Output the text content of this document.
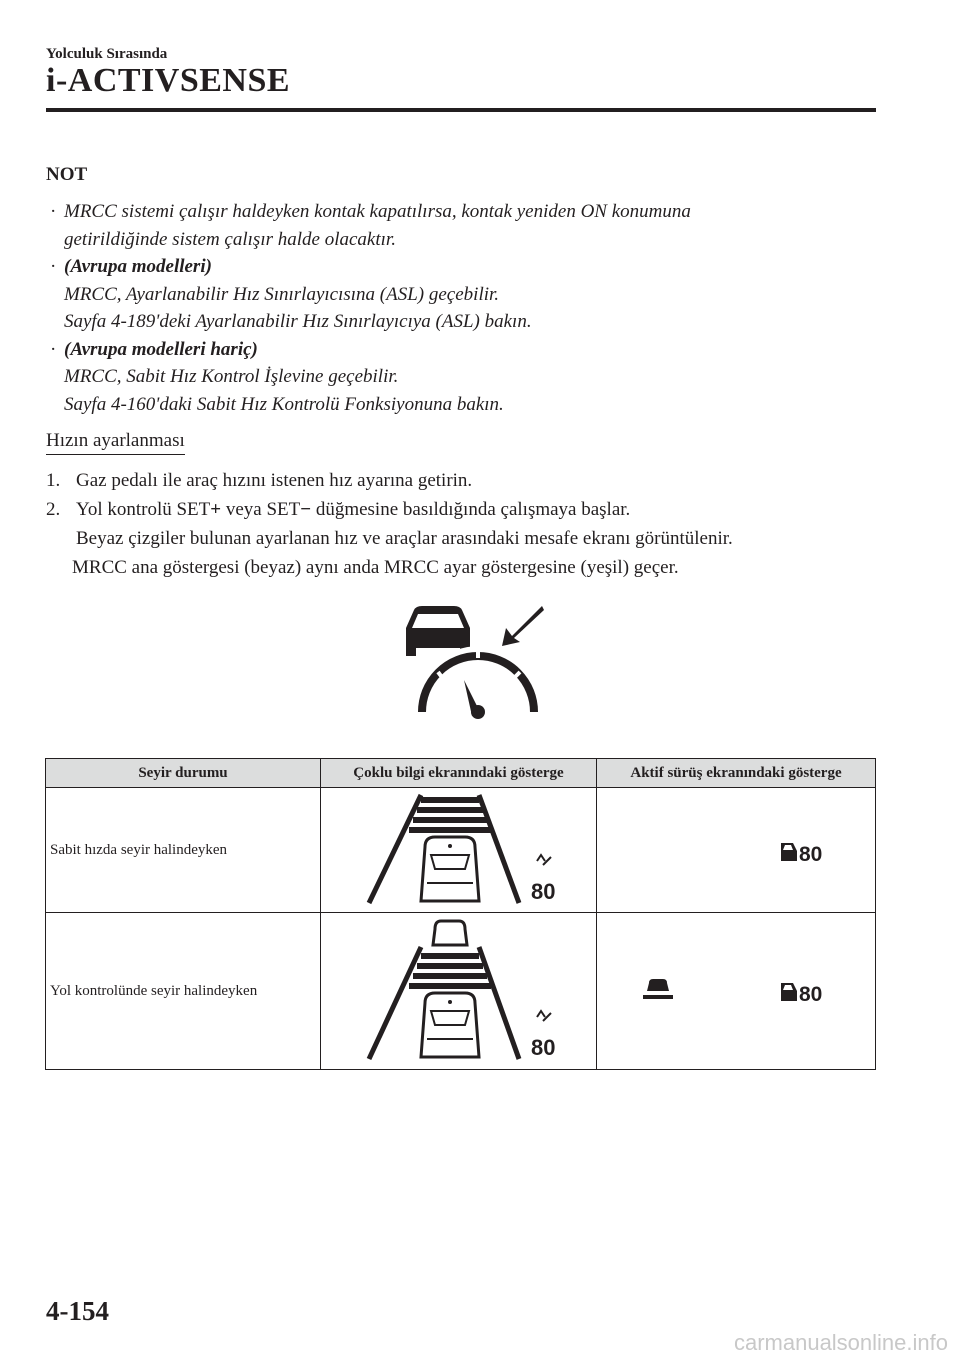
Yolculuk Sırasında
i-ACTIVSENSE
NOT
· MRCC sistemi çalışır haldeyken kontak kapatılırsa, kontak yeniden ON konumuna
getirildiğinde sistem çalışır halde olacaktır.
· (Avrupa modelleri)
MRCC, Ayarlanabilir Hız Sınırlayıcısına (ASL) geçebilir.
Sayfa 4-189'deki Ayarlanabilir Hız Sınırlayıcıya (ASL) bakın.
· (Avrupa modelleri hariç)
MRCC, Sabit Hız Kontrol İşlevine geçebilir.
Sayfa 4-160'daki Sabit Hız Kontrolü Fonksiyonuna bakın.
Hızın ayarlanması
1. Gaz pedalı ile araç hızını istenen hız ayarına getirin.
2. Yol kontrolü SET+ veya SET− düğmesine basıldığında çalışmaya başlar.
Beyaz çizgiler bulunan ayarlanan hız ve araçlar arasındaki mesafe ekranı görüntülenir.
MRCC ana göstergesi (beyaz) aynı anda MRCC ayar göstergesine (yeşil) geçer.
Seyir durumu	Çoklu bilgi ekranındaki gösterge	Aktif sürüş ekranındaki gösterge
Sabit hızda seyir halindeyken	80	80

Yol kontrolünde seyir halindeyken	80	80
4-154
carmanualsonline.info
